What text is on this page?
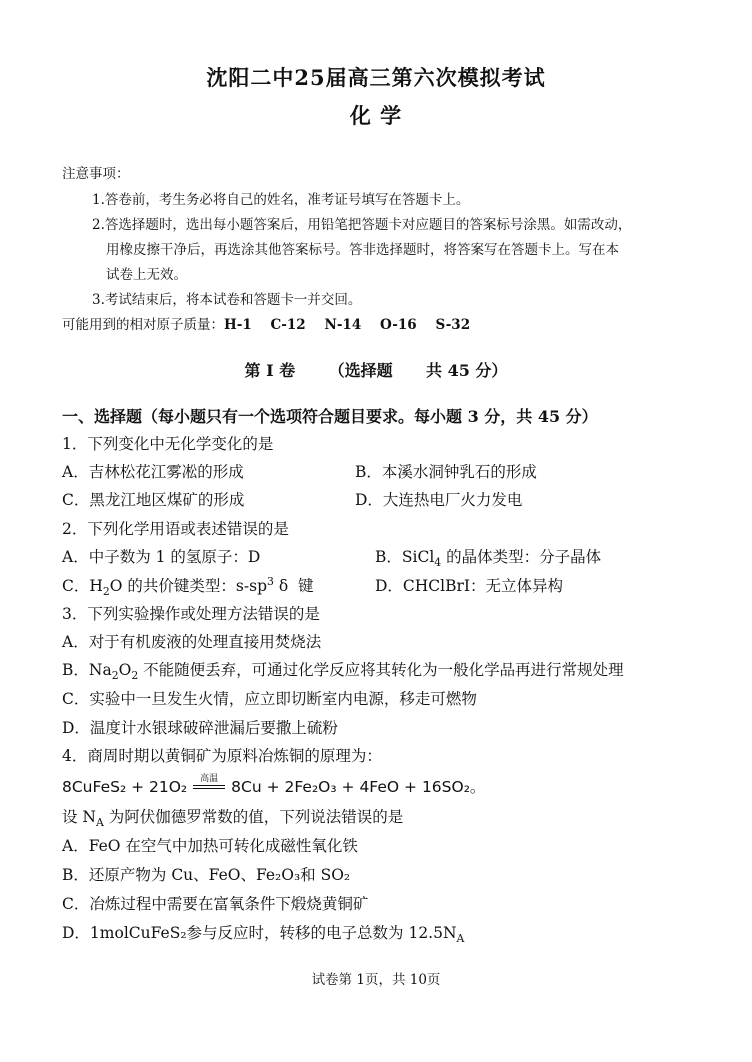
沈阳二中25届高三第六次模拟考试
化 学
注意事项：
1.答卷前，考生务必将自己的姓名，准考证号填写在答题卡上。
2.答选择题时，选出每小题答案后，用铅笔把答题卡对应题目的答案标号涂黑。如需改动，
用橡皮擦干净后，再选涂其他答案标号。答非选择题时，将答案写在答题卡上。写在本
试卷上无效。
3.考试结束后，将本试卷和答题卡一并交回。
可能用到的相对原子质量：H-1    C-12    N-14    O-16    S-32
第 I 卷      （选择题      共 45 分）
一、选择题（每小题只有一个选项符合题目要求。每小题 3 分，共 45 分）
1．下列变化中无化学变化的是
A．吉林松花江雾凇的形成	B．本溪水洞钟乳石的形成
C．黑龙江地区煤矿的形成	D．大连热电厂火力发电
2．下列化学用语或表述错误的是
A．中子数为 1 的氢原子：D	B．SiCl$_4$ 的晶体类型：分子晶体
C．$H_2O$ 的共价键类型：$s-sp^3$ δ  键	D．CHClBrI：无立体异构
3．下列实验操作或处理方法错误的是
A．对于有机废液的处理直接用焚烧法
B．$Na_2O_2$ 不能随便丢弃，可通过化学反应将其转化为一般化学品再进行常规处理
C．实验中一旦发生火情，应立即切断室内电源，移走可燃物
D．温度计水银球破碎泄漏后要撒上硫粉
4．商周时期以黄铜矿为原料冶炼铜的原理为：
8CuFeS₂ + 21O₂	高温 8Cu + 2Fe₂O₃ + 4FeO + 16SO₂。
设 $N_A$ 为阿伏伽德罗常数的值，下列说法错误的是
A．FeO 在空气中加热可转化成磁性氧化铁
B．还原产物为 Cu、FeO、Fe₂O₃和 SO₂
C．冶炼过程中需要在富氧条件下煅烧黄铜矿
D．1molCuFeS₂参与反应时，转移的电子总数为 $12.5N_A$
试卷第 1页，共 10页
